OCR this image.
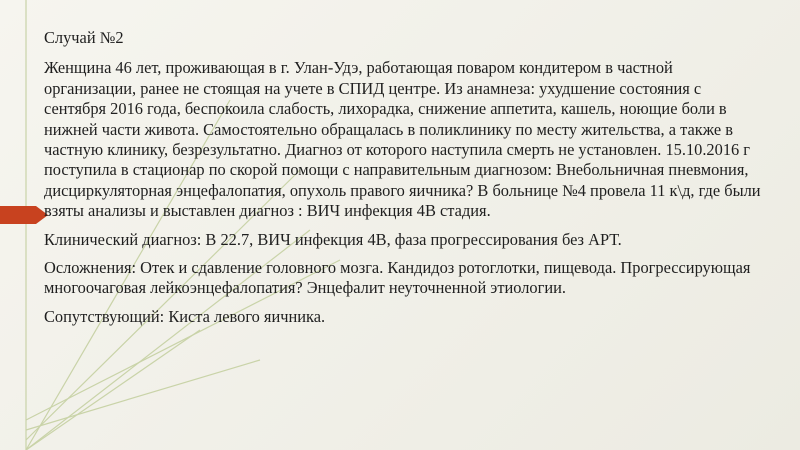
Случай №2

Женщина 46 лет, проживающая в г. Улан-Удэ, работающая поваром кондитером в частной организации, ранее не стоящая на учете в СПИД центре. Из анамнеза: ухудшение состояния с сентября 2016 года, беспокоила слабость, лихорадка, снижение аппетита, кашель, ноющие боли в нижней части живота. Самостоятельно обращалась в поликлинику по месту жительства, а также в частную клинику, безрезультатно. Диагноз от которого наступила смерть не установлен. 15.10.2016 г поступила в стационар по скорой помощи с направительным диагнозом: Внебольничная пневмония, дисциркуляторная энцефалопатия, опухоль правого яичника? В больнице №4 провела 11 к\д, где были взяты анализы и выставлен диагноз : ВИЧ инфекция 4В стадия.

Клинический диагноз: В 22.7, ВИЧ инфекция 4В, фаза прогрессирования без АРТ.

Осложнения: Отек и сдавление головного мозга. Кандидоз ротоглотки, пищевода. Прогрессирующая многоочаговая лейкоэнцефалопатия? Энцефалит неуточненной этиологии.

Сопутствующий: Киста левого яичника.
